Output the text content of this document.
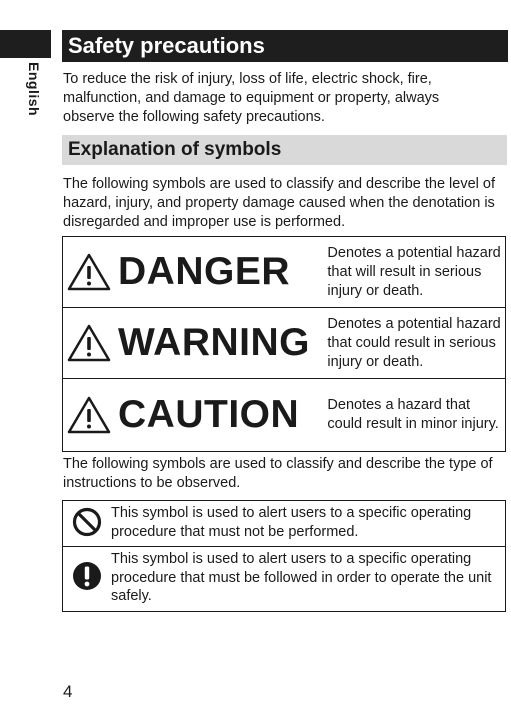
English
Safety precautions
To reduce the risk of injury, loss of life, electric shock, fire, malfunction, and damage to equipment or property, always observe the following safety precautions.
Explanation of symbols
The following symbols are used to classify and describe the level of hazard, injury, and property damage caused when the denotation is disregarded and improper use is performed.
DANGER	Denotes a potential hazard that will result in serious injury or death.
WARNING Denotes a potential hazard that could result in serious injury or death.
CAUTION Denotes a hazard that could result in minor injury.
The following symbols are used to classify and describe the type of instructions to be observed.
This symbol is used to alert users to a specific operating procedure that must not be performed.
This symbol is used to alert users to a specific operating procedure that must be followed in order to operate the unit safely.
4
